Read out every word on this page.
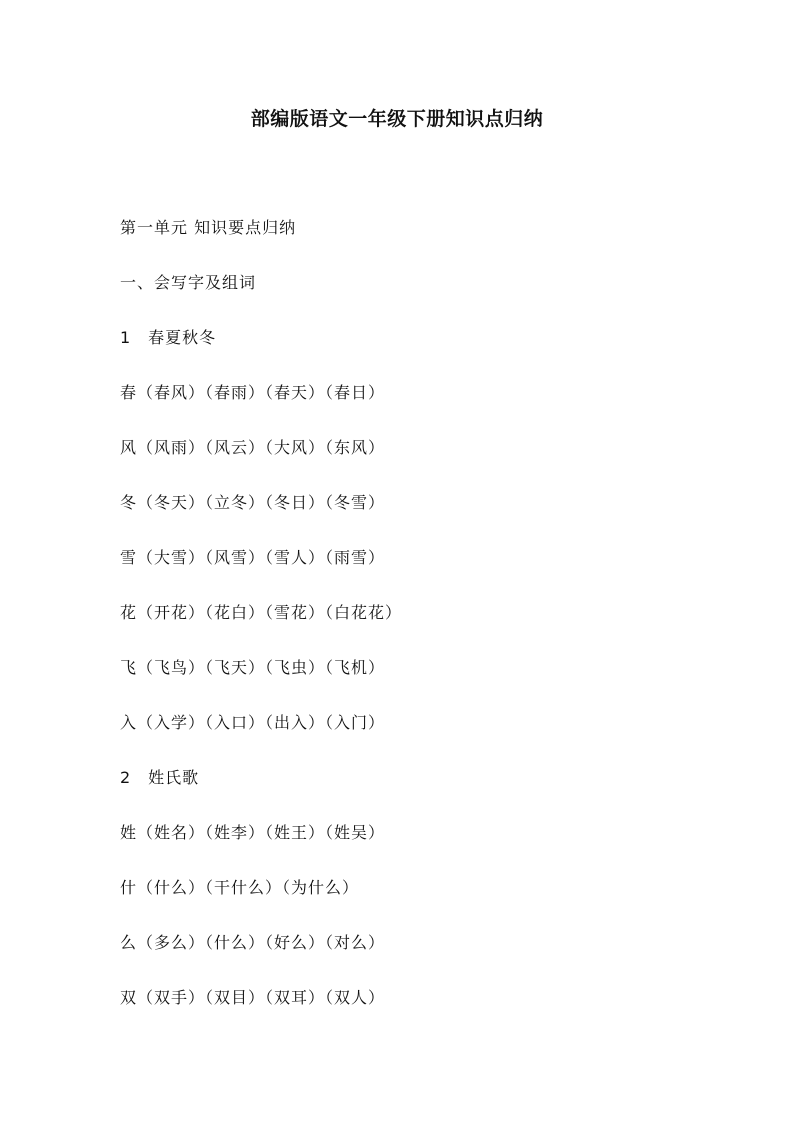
部编版语文一年级下册知识点归纳
第一单元 知识要点归纳
一、会写字及组词
1　春夏秋冬
春（春风）（春雨）（春天）（春日）
风（风雨）（风云）（大风）（东风）
冬（冬天）（立冬）（冬日）（冬雪）
雪（大雪）（风雪）（雪人）（雨雪）
花（开花）（花白）（雪花）（白花花）
飞（飞鸟）（飞天）（飞虫）（飞机）
入（入学）（入口）（出入）（入门）
2　姓氏歌
姓（姓名）（姓李）（姓王）（姓吴）
什（什么）（干什么）（为什么）
么（多么）（什么）（好么）（对么）
双（双手）（双目）（双耳）（双人）
